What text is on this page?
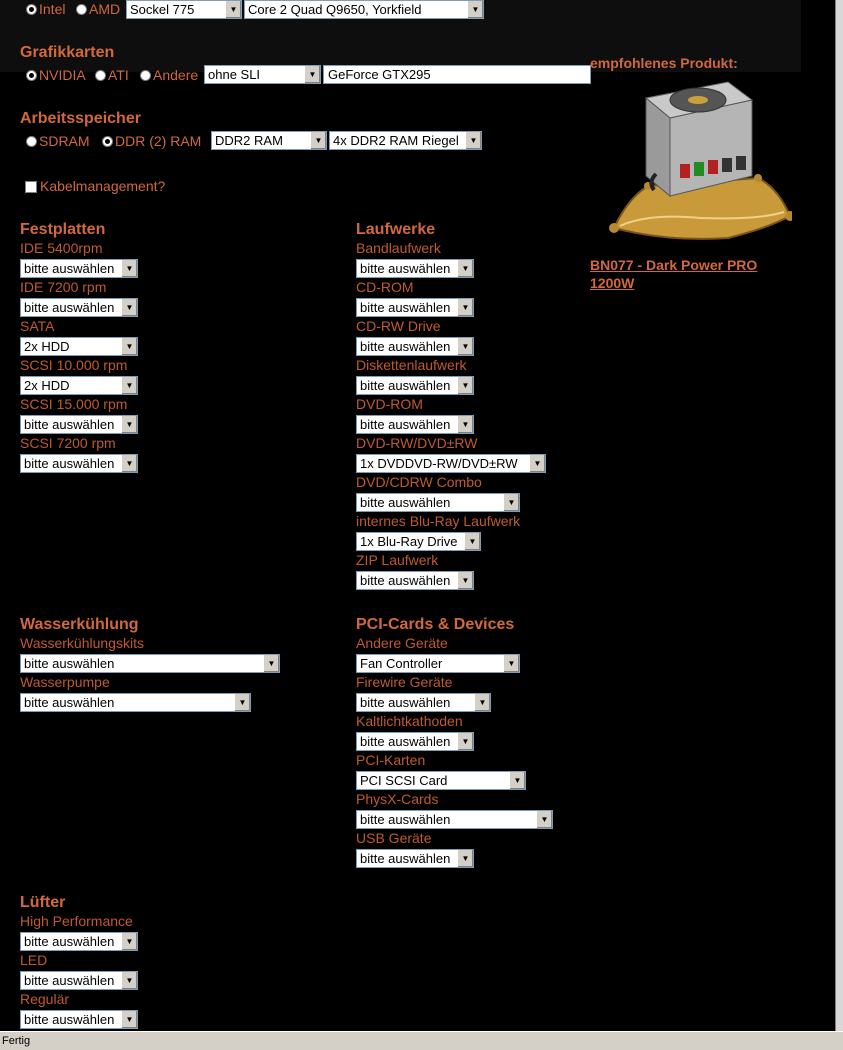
Intel AMD Sockel 775	▼ Core 2 Quad Q9650, Yorkfield	▼
Grafikkarten
NVIDIA ATI Andere ohne SLI	▼ GeForce GTX295
Arbeitsspeicher
SDRAM DDR (2) RAM	DDR2 RAM	▼ 4x DDR2 RAM Riegel	▼
Kabelmanagement?
Festplatten
IDE 5400rpm
bitte auswählen	▼
IDE 7200 rpm
bitte auswählen	▼
SATA
2x HDD	▼
SCSI 10.000 rpm
2x HDD	▼
SCSI 15.000 rpm
bitte auswählen	▼
SCSI 7200 rpm
bitte auswählen	▼
Laufwerke
Bandlaufwerk
bitte auswählen	▼
CD-ROM
bitte auswählen	▼
CD-RW Drive
bitte auswählen	▼
Diskettenlaufwerk
bitte auswählen	▼
DVD-ROM
bitte auswählen	▼
DVD-RW/DVD±RW
1x DVDDVD-RW/DVD±RW	▼
DVD/CDRW Combo
bitte auswählen	▼
internes Blu-Ray Laufwerk
1x Blu-Ray Drive	▼
ZIP Laufwerk
bitte auswählen	▼
Wasserkühlung
Wasserkühlungskits
bitte auswählen	▼
Wasserpumpe
bitte auswählen	▼
PCI-Cards & Devices
Andere Geräte
Fan Controller	▼
Firewire Geräte
bitte auswählen	▼
Kaltlichtkathoden
bitte auswählen	▼
PCI-Karten
PCI SCSI Card	▼
PhysX-Cards
bitte auswählen	▼
USB Geräte
bitte auswählen	▼
Lüfter
High Performance
bitte auswählen	▼
LED
bitte auswählen	▼
Regulär
bitte auswählen	▼
empfohlenes Produkt:
BN077 - Dark Power PRO 1200W
Fertig
